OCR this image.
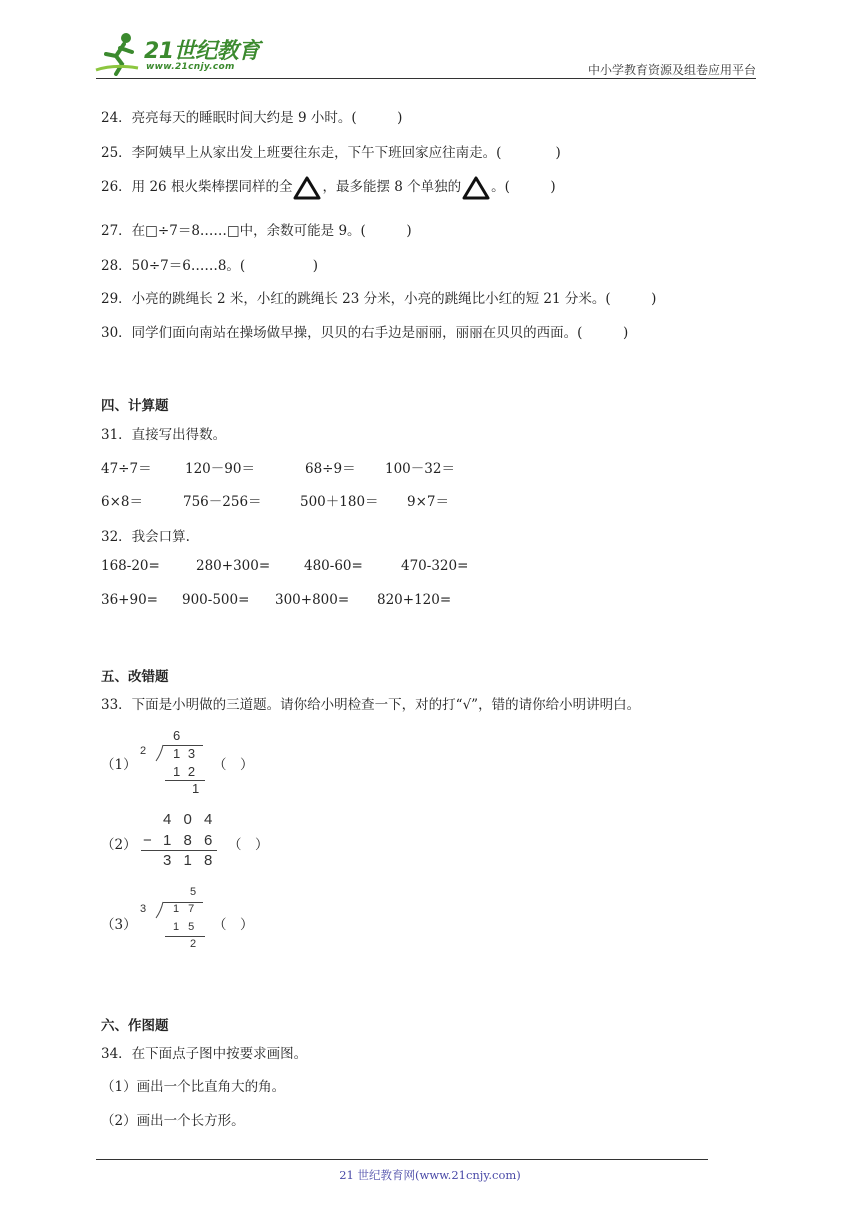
21世纪教育
www.21cnjy.com	中小学教育资源及组卷应用平台
24．亮亮每天的睡眠时间大约是 9 小时。(　　　)
25．李阿姨早上从家出发上班要往东走，下午下班回家应往南走。(　　　　)
26．用 26 根火柴棒摆同样的全 ，最多能摆 8 个单独的 。(　　　)
27．在□÷7＝8……□中，余数可能是 9。(　　　)
28．50÷7＝6……8。(　　　　　)
29．小亮的跳绳长 2 米，小红的跳绳长 23 分米，小亮的跳绳比小红的短 21 分米。(　　　)
30．同学们面向南站在操场做早操，贝贝的右手边是丽丽，丽丽在贝贝的西面。(　　　)
四、计算题
31．直接写出得数。
47÷7＝ 120－90＝	68÷9＝ 100－32＝
6×8＝	756－256＝	500＋180＝ 9×7＝
32．我会口算.
168-20=	280+300=	480-60=	470-320=
36+90= 900-500= 300+800= 820+120=
五、改错题
33．下面是小明做的三道题。请你给小明检查一下，对的打“√”，错的请你给小明讲明白。
（1）
2
6
1 3
1 2
1
（　）
（2）
4 0 4
− 1 8 6
3 1 8
（　）
（3）
3
5
1 7
1 5
2
（　）
六、作图题
34．在下面点子图中按要求画图。
（1）画出一个比直角大的角。
（2）画出一个长方形。
21 世纪教育网(www.21cnjy.com)
